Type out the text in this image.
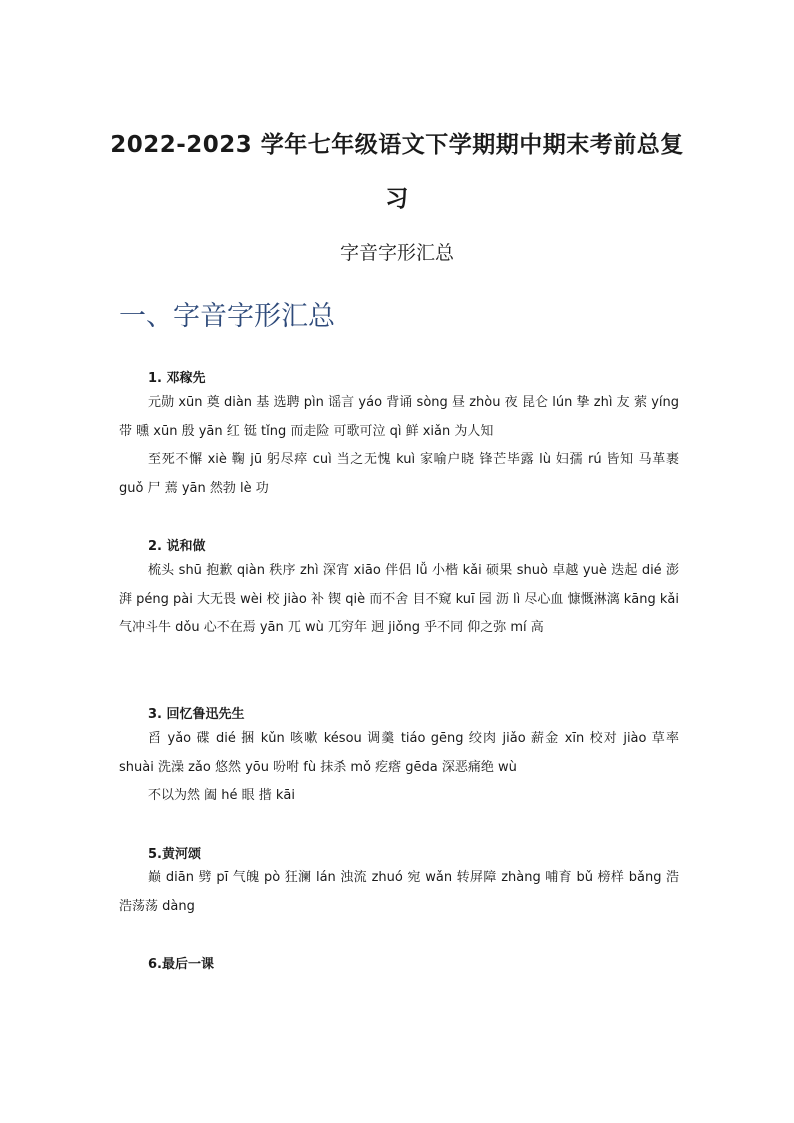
2022-2023 学年七年级语文下学期期中期末考前总复习
字音字形汇总
一、字音字形汇总
1. 邓稼先
元勋 xūn 奠 diàn 基 选聘 pìn 谣言 yáo 背诵 sòng 昼 zhòu 夜 昆仑 lún 挚 zhì 友 萦 yíng 带 曛 xūn 殷 yān 红 铤 tǐng 而走险 可歌可泣 qì 鲜 xiǎn 为人知
至死不懈 xiè 鞠 jū 躬尽瘁 cuì 当之无愧 kuì 家喻户晓 锋芒毕露 lù 妇孺 rú 皆知 马革裹 guǒ 尸 蔫 yān 然勃 lè 功
2. 说和做
梳头 shū 抱歉 qiàn 秩序 zhì 深宵 xiāo 伴侣 lǚ 小楷 kǎi 硕果 shuò 卓越 yuè 迭起 dié 澎湃 péng pài 大无畏 wèi 校 jiào 补 锲 qiè 而不舍 目不窥 kuī 园 沥 lì 尽心血 慷慨淋漓 kāng kǎi 气冲斗牛 dǒu 心不在焉 yān 兀 wù 兀穷年 迥 jiǒng 乎不同 仰之弥 mí 高
3. 回忆鲁迅先生
舀 yǎo 碟 dié 捆 kǔn 咳嗽 késou 调羹 tiáo gēng 绞肉 jiǎo 薪金 xīn 校对 jiào 草率 shuài 洗澡 zǎo 悠然 yōu 吩咐 fù 抹杀 mǒ 疙瘩 gēda 深恶痛绝 wù
不以为然 阖 hé 眼 揩 kāi
5.黄河颂
巅 diān 劈 pī 气魄 pò 狂澜 lán 浊流 zhuó 宛 wǎn 转屏障 zhàng 哺育 bǔ 榜样 bǎng 浩浩荡荡 dàng
6.最后一课
